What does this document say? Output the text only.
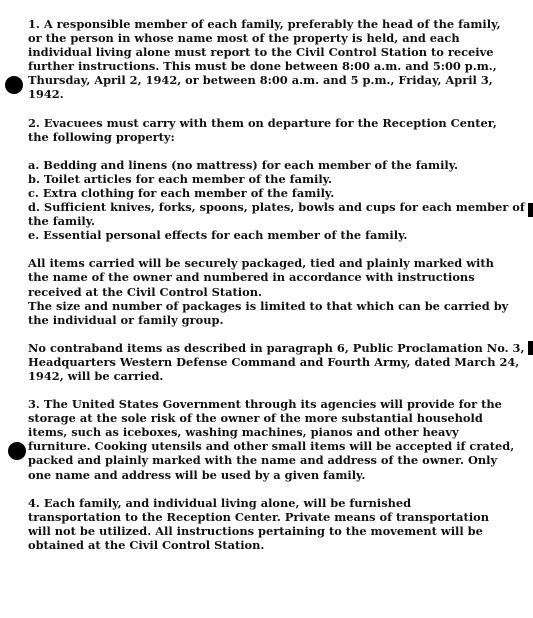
1. A responsible member of each family, preferably the head of the family,
or the person in whose name most of the property is held, and each
individual living alone must report to the Civil Control Station to receive
further instructions. This must be done between 8:00 a.m. and 5:00 p.m.,
Thursday, April 2, 1942, or between 8:00 a.m. and 5 p.m., Friday, April 3,
1942.
2. Evacuees must carry with them on departure for the Reception Center,
the following property:
a. Bedding and linens (no mattress) for each member of the family.
b. Toilet articles for each member of the family.
c. Extra clothing for each member of the family.
d. Sufficient knives, forks, spoons, plates, bowls and cups for each member of
the family.
e. Essential personal effects for each member of the family.
All items carried will be securely packaged, tied and plainly marked with
the name of the owner and numbered in accordance with instructions
received at the Civil Control Station.
The size and number of packages is limited to that which can be carried by
the individual or family group.
No contraband items as described in paragraph 6, Public Proclamation No. 3,
Headquarters Western Defense Command and Fourth Army, dated March 24,
1942, will be carried.
3. The United States Government through its agencies will provide for the
storage at the sole risk of the owner of the more substantial household
items, such as iceboxes, washing machines, pianos and other heavy
furniture. Cooking utensils and other small items will be accepted if crated,
packed and plainly marked with the name and address of the owner. Only
one name and address will be used by a given family.
4. Each family, and individual living alone, will be furnished
transportation to the Reception Center. Private means of transportation
will not be utilized. All instructions pertaining to the movement will be
obtained at the Civil Control Station.
